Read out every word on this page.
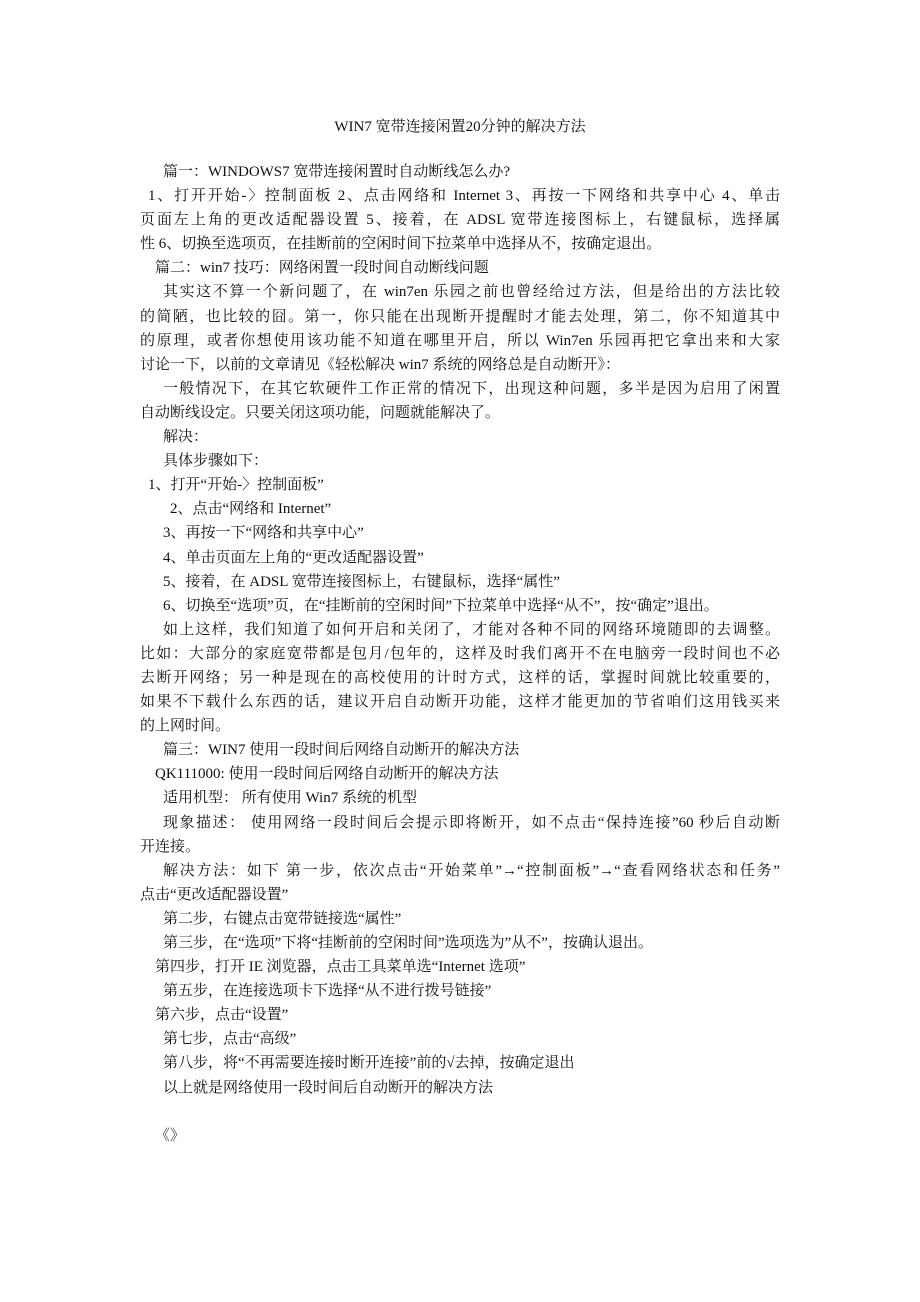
WIN7 宽带连接闲置20分钟的解决方法
篇一：WINDOWS7 宽带连接闲置时自动断线怎么办?
1、打开开始-〉控制面板 2、点击网络和 Internet 3、再按一下网络和共享中心 4、单击
页面左上角的更改适配器设置 5、接着，在 ADSL 宽带连接图标上，右键鼠标，选择属
性 6、切换至选项页，在挂断前的空闲时间下拉菜单中选择从不，按确定退出。
篇二：win7 技巧：网络闲置一段时间自动断线问题
其实这不算一个新问题了，在 win7en 乐园之前也曾经给过方法，但是给出的方法比较
的简陋，也比较的囧。第一，你只能在出现断开提醒时才能去处理，第二，你不知道其中
的原理，或者你想使用该功能不知道在哪里开启，所以 Win7en 乐园再把它拿出来和大家
讨论一下，以前的文章请见《轻松解决 win7 系统的网络总是自动断开》：
一般情况下，在其它软硬件工作正常的情况下，出现这种问题，多半是因为启用了闲置
自动断线设定。只要关闭这项功能，问题就能解决了。
解决：
具体步骤如下：
1、打开“开始-〉控制面板”
2、点击“网络和 Internet”
3、再按一下“网络和共享中心”
4、单击页面左上角的“更改适配器设置”
5、接着，在 ADSL 宽带连接图标上，右键鼠标，选择“属性”
6、切换至“选项”页，在“挂断前的空闲时间”下拉菜单中选择“从不”，按“确定”退出。
如上这样，我们知道了如何开启和关闭了，才能对各种不同的网络环境随即的去调整。
比如：大部分的家庭宽带都是包月/包年的，这样及时我们离开不在电脑旁一段时间也不必
去断开网络；另一种是现在的高校使用的计时方式，这样的话，掌握时间就比较重要的，
如果不下载什么东西的话，建议开启自动断开功能，这样才能更加的节省咱们这用钱买来
的上网时间。
篇三：WIN7 使用一段时间后网络自动断开的解决方法
QK111000: 使用一段时间后网络自动断开的解决方法
适用机型： 所有使用 Win7 系统的机型
现象描述： 使用网络一段时间后会提示即将断开，如不点击“保持连接”60 秒后自动断
开连接。
解决方法：如下 第一步，依次点击“开始菜单”→“控制面板”→“查看网络状态和任务”
点击“更改适配器设置”
第二步，右键点击宽带链接选“属性”
第三步，在“选项”下将“挂断前的空闲时间”选项选为”从不”，按确认退出。
第四步，打开 IE 浏览器，点击工具菜单选“Internet 选项”
第五步，在连接选项卡下选择“从不进行拨号链接”
第六步，点击“设置”
第七步，点击“高级”
第八步，将“不再需要连接时断开连接”前的√去掉，按确定退出
以上就是网络使用一段时间后自动断开的解决方法
《》
